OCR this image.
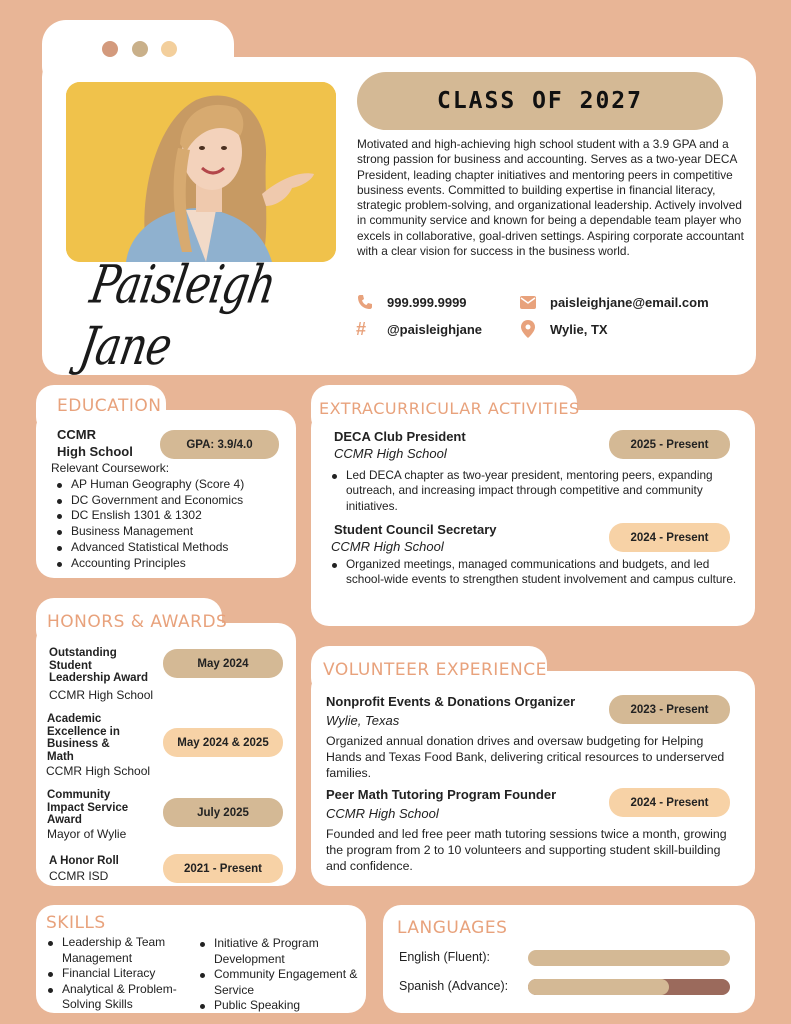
Paisleigh Jane
CLASS OF 2027
Motivated and high-achieving high school student with a 3.9 GPA and a strong passion for business and accounting. Serves as a two-year DECA President, leading chapter initiatives and mentoring peers in competitive business events. Committed to building expertise in financial literacy, strategic problem-solving, and organizational leadership. Actively involved in community service and known for being a dependable team player who excels in collaborative, goal-driven settings. Aspiring corporate accountant with a clear vision for success in the business world.
999.999.9999	paisleighjane@email.com
# @paisleighjane	Wylie, TX
EDUCATION
CCMR
High School	GPA: 3.9/4.0
Relevant Coursework:
AP Human Geography (Score 4)
DC Government and Economics
DC Enslish 1301 & 1302
Business Management
Advanced Statistical Methods
Accounting Principles
EXTRACURRICULAR ACTIVITIES
DECA Club President
CCMR High School
2025 - Present
Led DECA chapter as two-year president, mentoring peers, expanding outreach, and increasing impact through competitive and community initiatives.
Student Council Secretary
CCMR High School
2024 - Present
Organized meetings, managed communications and budgets, and led school-wide events to strengthen student involvement and campus culture.
HONORS & AWARDS
Outstanding
Student
Leadership Award
CCMR High School
May 2024
Academic
Excellence in
Business &
Math
CCMR High School
May 2024 & 2025
Community
Impact Service
Award
Mayor of Wylie
July 2025
A Honor Roll
CCMR ISD
2021 - Present
VOLUNTEER EXPERIENCE
Nonprofit Events & Donations Organizer
Wylie, Texas
2023 - Present
Organized annual donation drives and oversaw budgeting for Helping Hands and Texas Food Bank, delivering critical resources to underserved families.
Peer Math Tutoring Program Founder
CCMR High School
2024 - Present
Founded and led free peer math tutoring sessions twice a month, growing the program from 2 to 10 volunteers and supporting student skill-building and confidence.
SKILLS
Leadership & Team Management
Financial Literacy
Analytical & Problem-Solving Skills
Initiative & Program Development
Community Engagement & Service
Public Speaking
LANGUAGES
English (Fluent):
Spanish (Advance):
